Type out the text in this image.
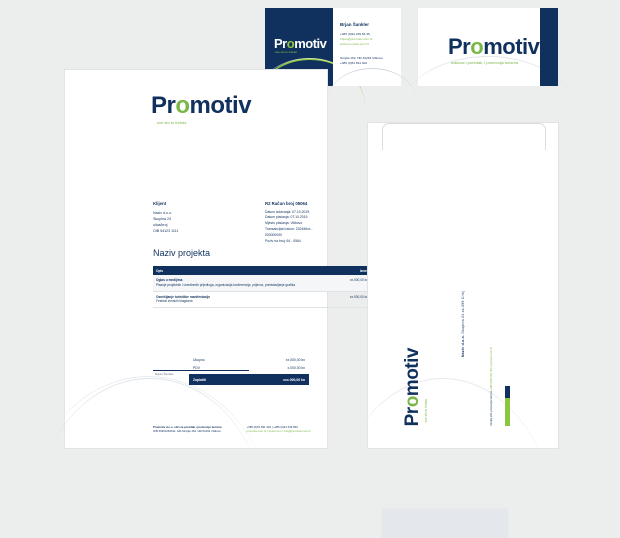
Promotiv
sve sto tu trebas
Brjan Šankler
+385 (0)91 239 56 45
bojan@promotiv.com.hr
www.promotiv.com.hr
Strojila 162, HR-51264 Viškovo
+385 (0)51 691 402
Promotiv
izdavac i poredak, i promocija turizma
Promotiv
sve sto tu trebas
Klijent
Naziv d.o.o.
Skupina 24
ulica/broj
OIB 54123 1111
R2 Račun broj 05064
Datum izdavanja: 07.10.2019.
Datum plaćanja: 07.10.2019.
Mjesto plaćanja: Viškovo
Transakcijski račun: 232456xx - 000000000
Poziv na broj: 64 - 0564
Naziv projekta
Opis	Iznos

Oglas u medijima
Pisanje projektnih i izvedbenih prijedloga, organizacija konferencija, prijevoz, predstavljanje grafika	xx.000,00 kn

Osmišljanje turističke manifestacije
Festival zimskih blagdana	xx.000,00 kn
Ukupno	xx.000,00 kn
PDV	x.000,00 kn
Zaplatiti	xxx.000,00 kn
Bojan Šankler
Promotiv d.o.o. obrt za poredak i promociju turizma
OIB 59461262611, HR-Strojila 162, HR-51264 Viškovo
+385 (0)51 691 402 | +385 (0)91 239 566
promotiv.com.hr | bojan.com | info@promotiv.com.hr
Naziv d.o.o. Skupina 24 xx-399 Crikj
Promotiv
sve sto tu trebas	Strojila 162, promocija turizma +385 (0)51 691 402 | promotiv.com.hr
